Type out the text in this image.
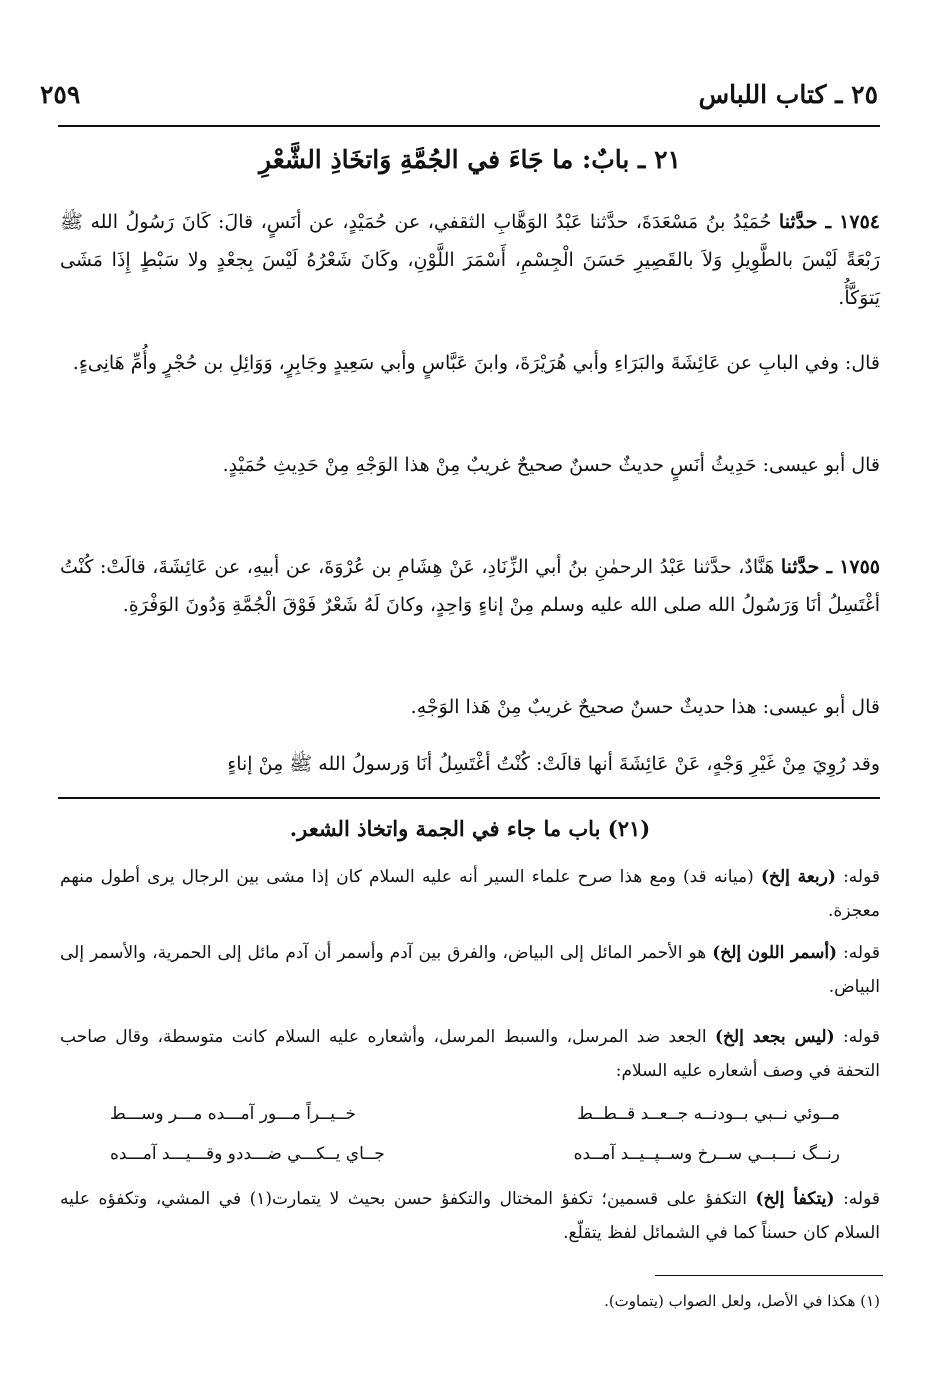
٢٥ ـ كتاب اللباس
٢٥٩
٢١ ـ بابٌ: ما جَاءَ في الجُمَّةِ وَاتخَاذِ الشَّعْرِ

١٧٥٤ ـ حدَّثنا حُمَيْدُ بنُ مَسْعَدَةَ، حدَّثنا عَبْدُ الوَهَّابِ الثقفي، عن حُمَيْدٍ، عن أنَسٍ، قالَ: كَانَ رَسُولُ الله ﷺ رَبْعَةً لَيْسَ بالطَّوِيلِ وَلاَ بالقَصِيرِ حَسَنَ الْجِسْمِ، أَسْمَرَ اللَّوْنِ، وكَانَ شَعْرُهُ لَيْسَ بِجعْدٍ ولا سَبْطٍ إِذَا مَشَى يَتوَكَّأُ.

قال: وفي البابِ عن عَائِشَةَ والبَرَاءِ وأبي هُرَيْرَةَ، وابنَ عَبَّاسٍ وأبي سَعِيدٍ وجَابِرٍ، وَوَائِلِ بن حُجْرٍ وأُمِّ هَانِىءٍ.

قال أبو عيسى: حَدِيثُ أنَسٍ حديثٌ حسنٌ صحيحٌ غريبٌ مِنْ هذا الوَجْهِ مِنْ حَدِيثِ حُمَيْدٍ.

١٧٥٥ ـ حدَّثنا هَنَّادٌ، حدَّثنا عَبْدُ الرحمٰنِ بنُ أبي الزِّنَادِ، عَنْ هِشَامِ بن عُرْوَةَ، عن أبيهِ، عن عَائِشَةَ، قالَتْ: كُنْتُ أغْتَسِلُ أنَا وَرَسُولُ الله صلى الله عليه وسلم مِنْ إناءٍ وَاحِدٍ، وكانَ لَهُ شَعْرٌ فَوْقَ الْجُمَّةِ وَدُونَ الوَفْرَةِ.

قال أبو عيسى: هذا حديثٌ حسنٌ صحيحٌ غريبٌ مِنْ هَذا الوَجْهِ.

وقد رُوِيَ مِنْ غَيْرِ وَجْهٍ، عَنْ عَائِشَةَ أنها قالَتْ: كُنْتُ أغْتَسِلُ أنَا وَرسولُ الله ﷺ مِنْ إناءٍ

(٢١) باب ما جاء في الجمة واتخاذ الشعر.

قوله: (ربعة إلخ) (ميانه قد) ومع هذا صرح علماء السير أنه عليه السلام كان إذا مشى بين الرجال يرى أطول منهم معجزة.

قوله: (أسمر اللون إلخ) هو الأحمر المائل إلى البياض، والفرق بين آدم وأسمر أن آدم مائل إلى الحمرية، والأسمر إلى البياض.

قوله: (ليس بجعد إلخ) الجعد ضد المرسل، والسبط المرسل، وأشعاره عليه السلام كانت متوسطة، وقال صاحب التحفة في وصف أشعاره عليه السلام:

مــوئي نــبي بــودنــه جــعــد قــطــط
خــيــراً مـــور آمـــده مـــر وســـط
رنــگ نـــبــي ســرخ وســپــيــد آمــده
جــاي يــكـــي ضـــددو وقـــيـــد آمـــده

قوله: (يتكفأ إلخ) التكفؤ على قسمين؛ تكفؤ المختال والتكفؤ حسن بحيث لا يتمارت(١) في المشي، وتكفؤه عليه السلام كان حسناً كما في الشمائل لفظ يتقلّع.

(١) هكذا في الأصل، ولعل الصواب (يتماوت).
